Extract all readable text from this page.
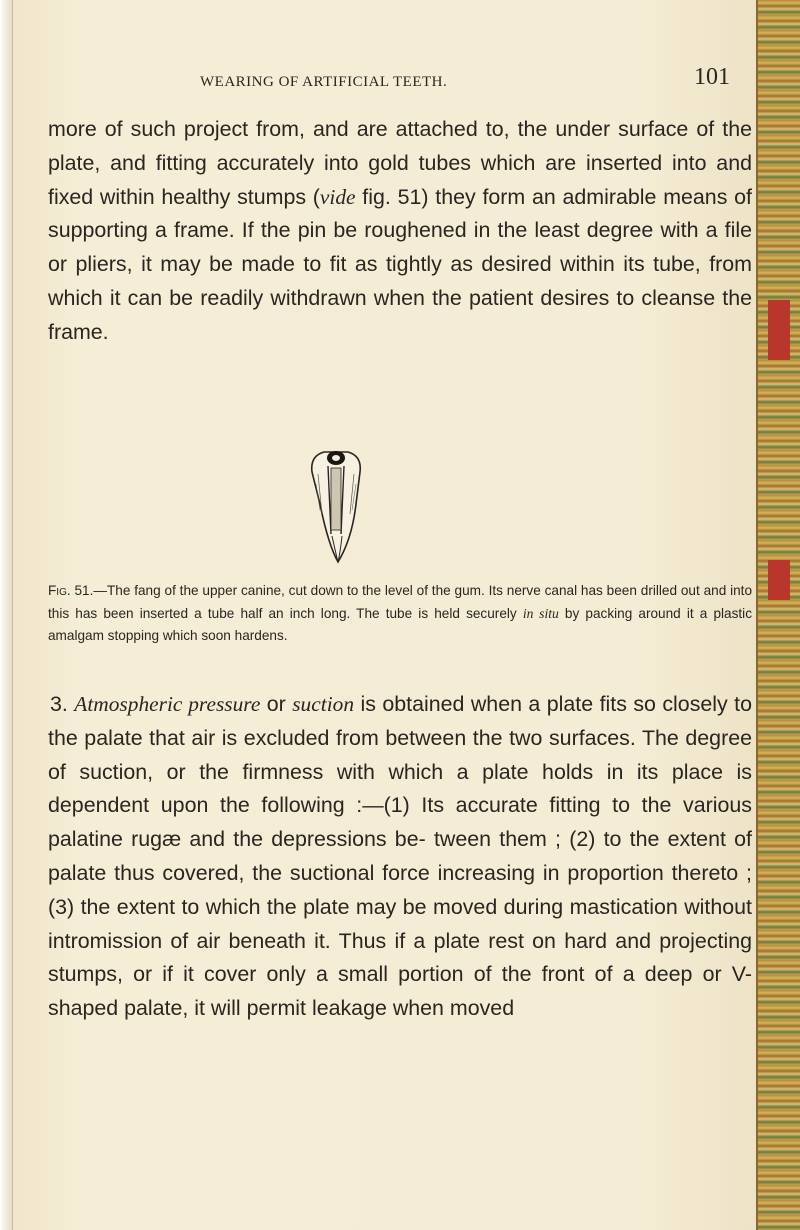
WEARING OF ARTIFICIAL TEETH.	101

more of such project from, and are attached to, the under surface of the plate, and fitting accurately into gold tubes which are inserted into and fixed within healthy stumps (vide fig. 51) they form an admirable means of supporting a frame. If the pin be roughened in the least degree with a file or pliers, it may be made to fit as tightly as desired within its tube, from which it can be readily withdrawn when the patient desires to cleanse the frame.

Fig. 51.—The fang of the upper canine, cut down to the level of the gum. Its nerve canal has been drilled out and into this has been inserted a tube half an inch long. The tube is held securely in situ by packing around it a plastic amalgam stopping which soon hardens.

3. Atmospheric pressure or suction is obtained when a plate fits so closely to the palate that air is excluded from between the two surfaces. The degree of suction, or the firmness with which a plate holds in its place is dependent upon the following :—(1) Its accurate fitting to the various palatine rugæ and the depressions be- tween them ; (2) to the extent of palate thus covered, the suctional force increasing in proportion thereto ; (3) the extent to which the plate may be moved during mastication without intromission of air beneath it. Thus if a plate rest on hard and projecting stumps, or if it cover only a small portion of the front of a deep or V-shaped palate, it will permit leakage when moved
